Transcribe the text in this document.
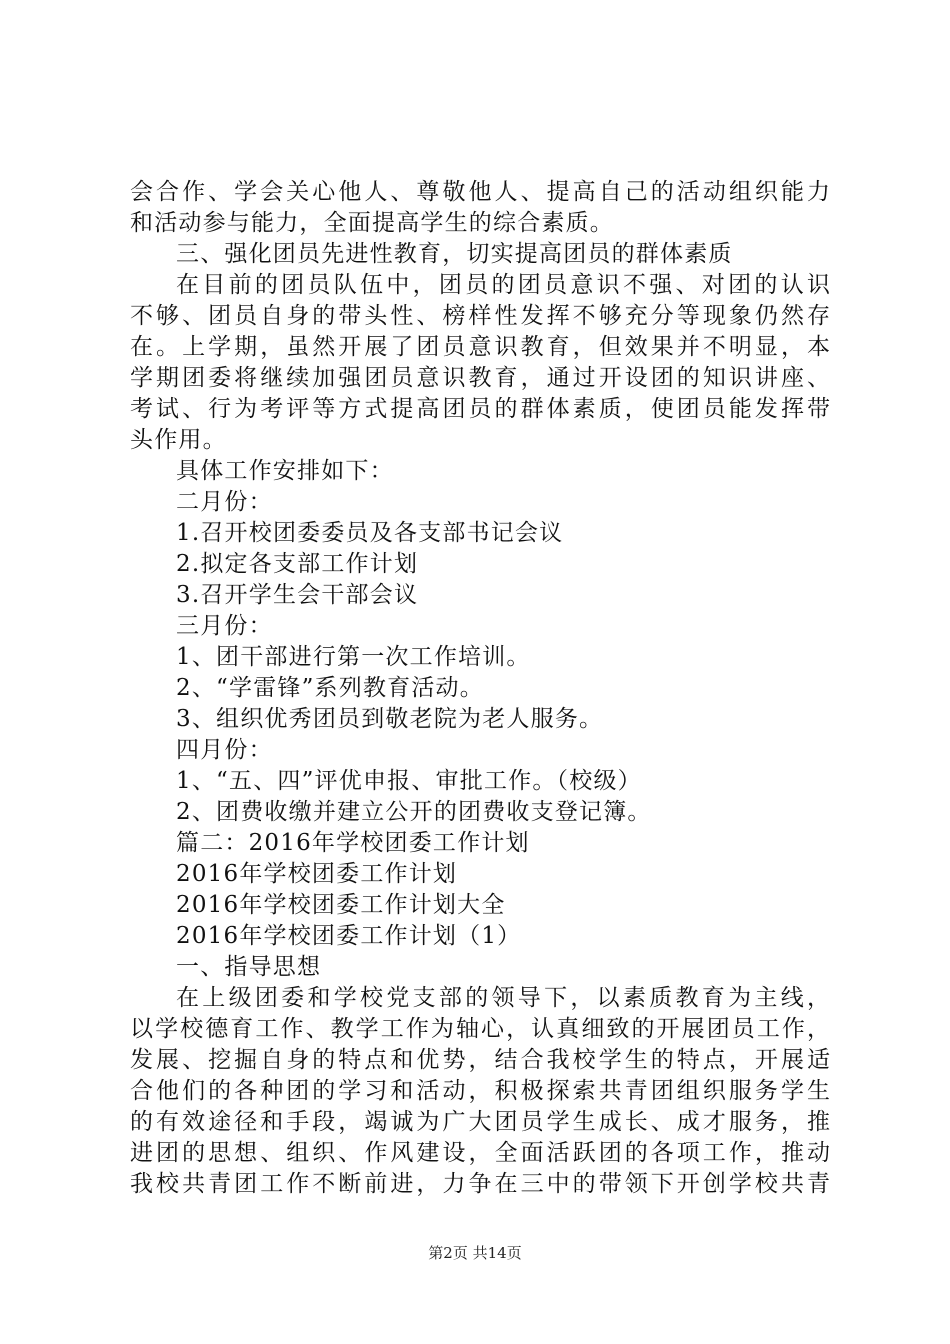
会合作、学会关心他人、尊敬他人、提高自己的活动组织能力
和活动参与能力，全面提高学生的综合素质。
三、强化团员先进性教育，切实提高团员的群体素质
在目前的团员队伍中，团员的团员意识不强、对团的认识
不够、团员自身的带头性、榜样性发挥不够充分等现象仍然存
在。上学期，虽然开展了团员意识教育，但效果并不明显，本
学期团委将继续加强团员意识教育，通过开设团的知识讲座、
考试、行为考评等方式提高团员的群体素质，使团员能发挥带
头作用。
具体工作安排如下：
二月份：
1.召开校团委委员及各支部书记会议
2.拟定各支部工作计划
3.召开学生会干部会议
三月份：
1、团干部进行第一次工作培训。
2、“学雷锋”系列教育活动。
3、组织优秀团员到敬老院为老人服务。
四月份：
1、“五、四”评优申报、审批工作。（校级）
2、团费收缴并建立公开的团费收支登记簿。
篇二：2016年学校团委工作计划
2016年学校团委工作计划
2016年学校团委工作计划大全
2016年学校团委工作计划（1）
一、指导思想
在上级团委和学校党支部的领导下，以素质教育为主线，
以学校德育工作、教学工作为轴心，认真细致的开展团员工作，
发展、挖掘自身的特点和优势，结合我校学生的特点，开展适
合他们的各种团的学习和活动，积极探索共青团组织服务学生
的有效途径和手段，竭诚为广大团员学生成长、成才服务，推
进团的思想、组织、作风建设，全面活跃团的各项工作，推动
我校共青团工作不断前进，力争在三中的带领下开创学校共青
第2页 共14页
